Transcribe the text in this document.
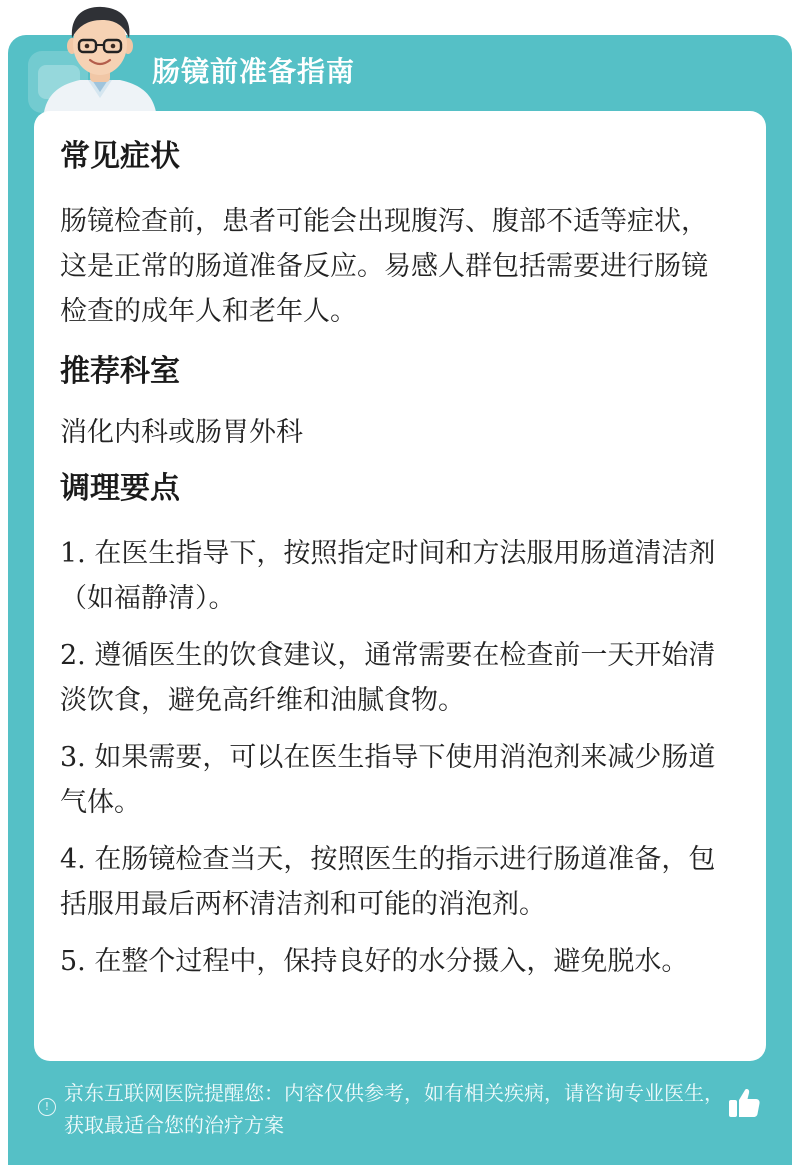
肠镜前准备指南
常见症状

肠镜检查前，患者可能会出现腹泻、腹部不适等症状，这是正常的肠道准备反应。易感人群包括需要进行肠镜检查的成年人和老年人。

推荐科室

消化内科或肠胃外科

调理要点

1. 在医生指导下，按照指定时间和方法服用肠道清洁剂（如福静清）。

2. 遵循医生的饮食建议，通常需要在检查前一天开始清淡饮食，避免高纤维和油腻食物。

3. 如果需要，可以在医生指导下使用消泡剂来减少肠道气体。

4. 在肠镜检查当天，按照医生的指示进行肠道准备，包括服用最后两杯清洁剂和可能的消泡剂。

5. 在整个过程中，保持良好的水分摄入，避免脱水。

!
京东互联网医院提醒您：内容仅供参考，如有相关疾病，请咨询专业医生，获取最适合您的治疗方案
